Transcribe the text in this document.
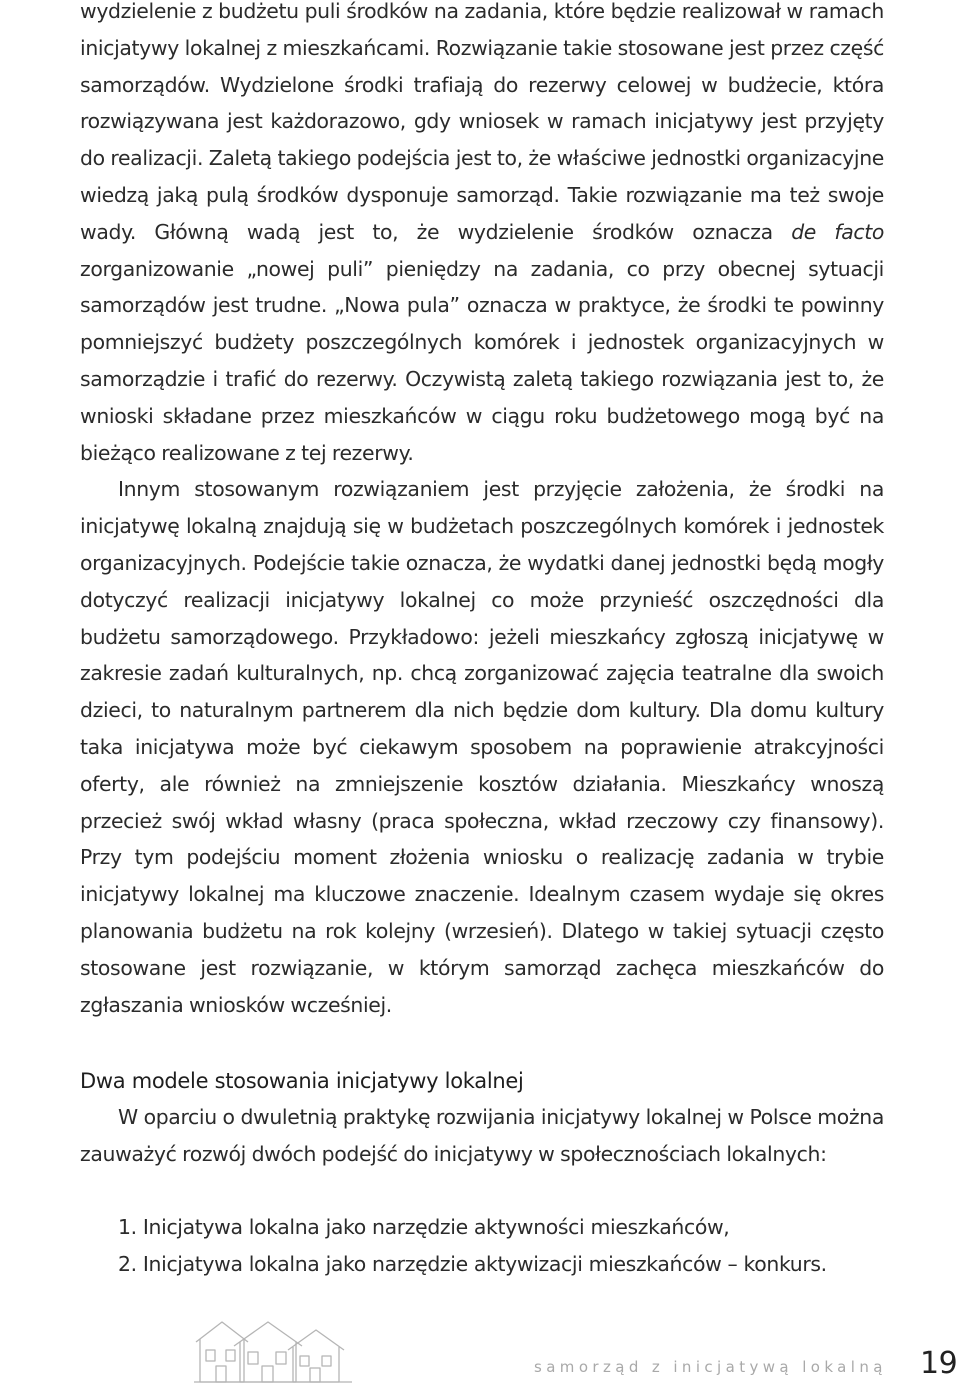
wydzielenie z budżetu puli środków na zadania, które będzie realizował w ramach inicjatywy lokalnej z mieszkańcami. Rozwiązanie takie stosowane jest przez część samorządów. Wydzielone środki trafiają do rezerwy celowej w budżecie, która rozwiązywana jest każdorazowo, gdy wniosek w ramach inicjatywy jest przyjęty do realizacji. Zaletą takiego podejścia jest to, że właściwe jednostki organizacyjne wiedzą jaką pulą środków dysponuje samorząd. Takie rozwiązanie ma też swoje wady. Główną wadą jest to, że wydzielenie środków oznacza de facto zorganizowanie „nowej puli” pieniędzy na zadania, co przy obecnej sytuacji samorządów jest trudne. „Nowa pula” oznacza w praktyce, że środki te powinny pomniejszyć budżety poszczególnych komórek i jednostek organizacyjnych w samorządzie i trafić do rezerwy. Oczywistą zaletą takiego rozwiązania jest to, że wnioski składane przez mieszkańców w ciągu roku budżetowego mogą być na bieżąco realizowane z tej rezerwy.

Innym stosowanym rozwiązaniem jest przyjęcie założenia, że środki na inicjatywę lokalną znajdują się w budżetach poszczególnych komórek i jednostek organizacyjnych. Podejście takie oznacza, że wydatki danej jednostki będą mogły dotyczyć realizacji inicjatywy lokalnej co może przynieść oszczędności dla budżetu samorządowego. Przykładowo: jeżeli mieszkańcy zgłoszą inicjatywę w zakresie zadań kulturalnych, np. chcą zorganizować zajęcia teatralne dla swoich dzieci, to naturalnym partnerem dla nich będzie dom kultury. Dla domu kultury taka inicjatywa może być ciekawym sposobem na poprawienie atrakcyjności oferty, ale również na zmniejszenie kosztów działania. Mieszkańcy wnoszą przecież swój wkład własny (praca społeczna, wkład rzeczowy czy finansowy). Przy tym podejściu moment złożenia wniosku o realizację zadania w trybie inicjatywy lokalnej ma kluczowe znaczenie. Idealnym czasem wydaje się okres planowania budżetu na rok kolejny (wrzesień). Dlatego w takiej sytuacji często stosowane jest rozwiązanie, w którym samorząd zachęca mieszkańców do zgłaszania wniosków wcześniej.

Dwa modele stosowania inicjatywy lokalnej

W oparciu o dwuletnią praktykę rozwijania inicjatywy lokalnej w Polsce można zauważyć rozwój dwóch podejść do inicjatywy w społecznościach lokalnych:

1. Inicjatywa lokalna jako narzędzie aktywności mieszkańców,
2. Inicjatywa lokalna jako narzędzie aktywizacji mieszkańców – konkurs.
samorząd z inicjatywą lokalną 19
